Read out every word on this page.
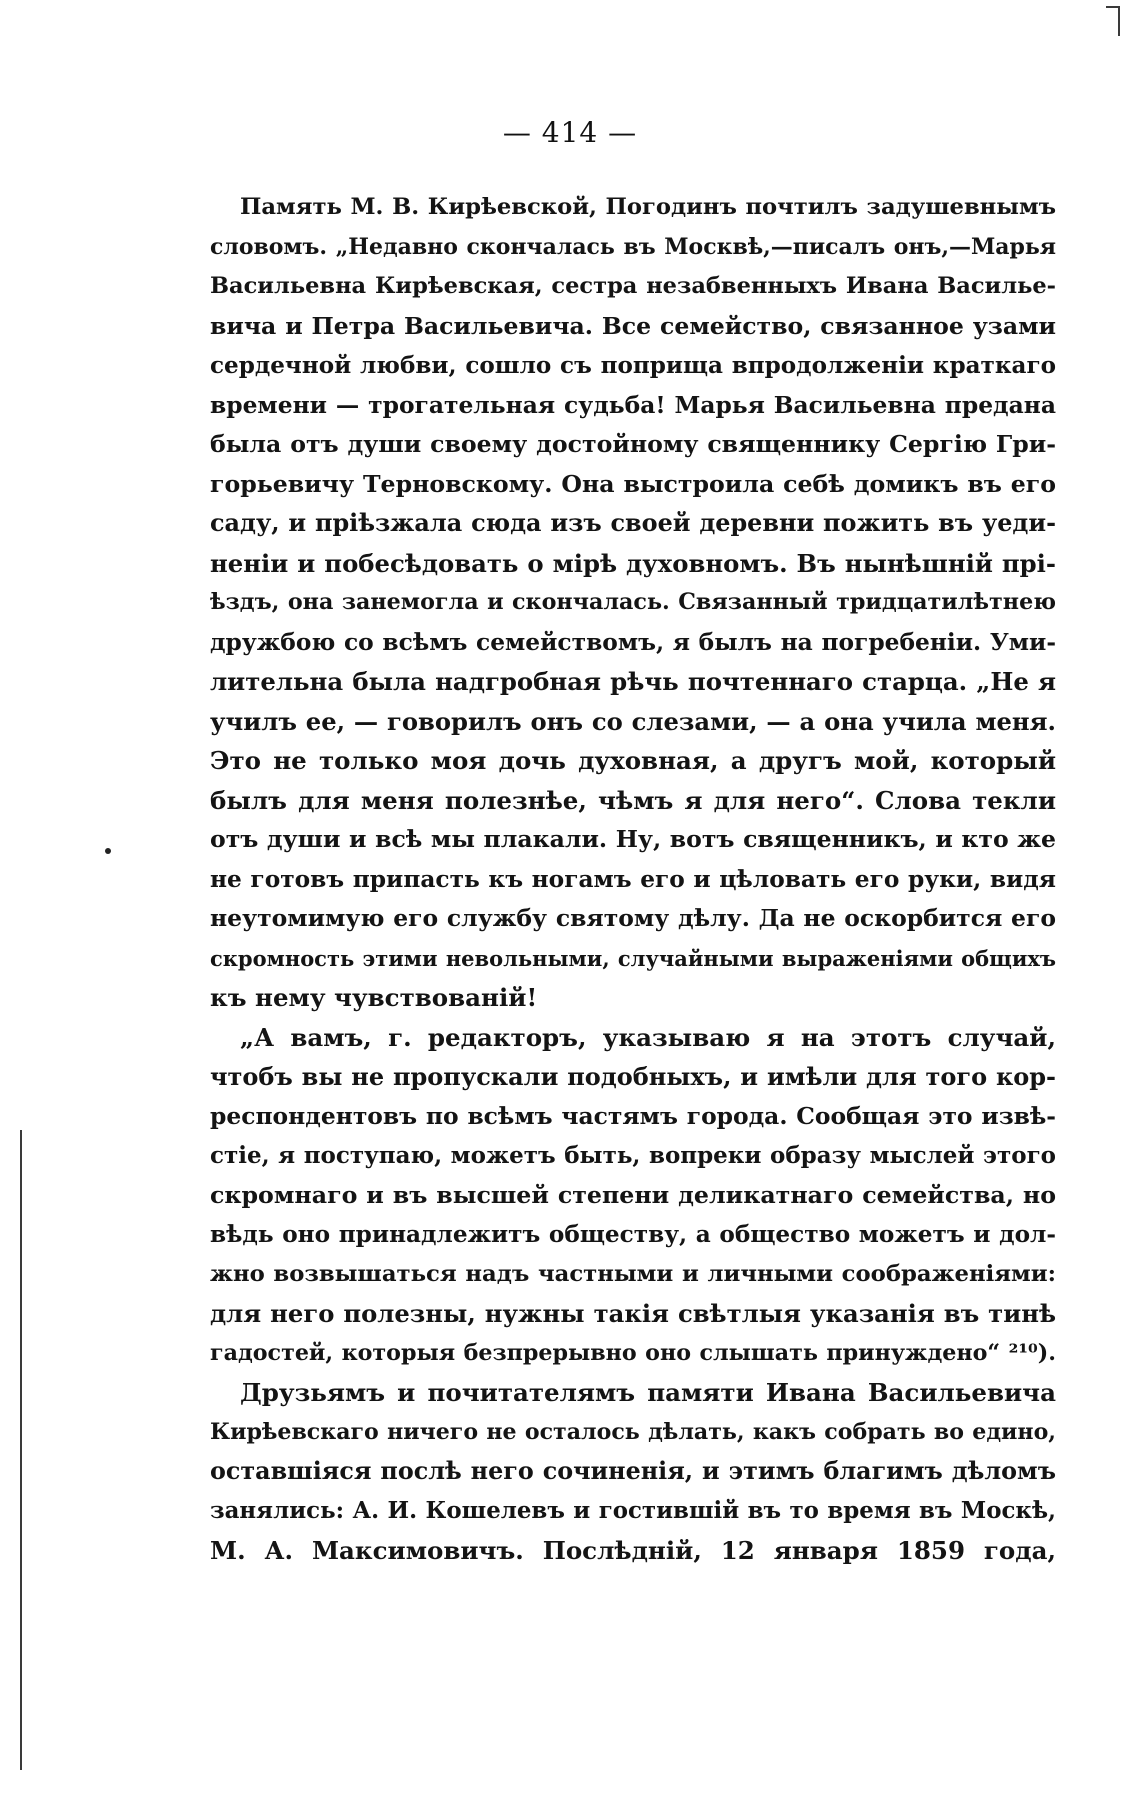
— 414 —
Память М. В. Кирѣевской, Погодинъ почтилъ задушевнымъ
словомъ. „Недавно скончалась въ Москвѣ,—писалъ онъ,—Марья
Васильевна Кирѣевская, сестра незабвенныхъ Ивана Василье-
вича и Петра Васильевича. Все семейство, связанное узами
сердечной любви, сошло съ поприща впродолженіи краткаго
времени — трогательная судьба! Марья Васильевна предана
была отъ души своему достойному священнику Сергію Гри-
горьевичу Терновскому. Она выстроила себѣ домикъ въ его
саду, и пріѣзжала сюда изъ своей деревни пожить въ уеди-
неніи и побесѣдовать о мірѣ духовномъ. Въ нынѣшній прі-
ѣздъ, она занемогла и скончалась. Связанный тридцатилѣтнею
дружбою со всѣмъ семействомъ, я былъ на погребеніи. Уми-
лительна была надгробная рѣчь почтеннаго старца. „Не я
училъ ее, — говорилъ онъ со слезами, — а она учила меня.
Это не только моя дочь духовная, а другъ мой, который
былъ для меня полезнѣе, чѣмъ я для него“. Слова текли
отъ души и всѣ мы плакали. Ну, вотъ священникъ, и кто же
не готовъ припасть къ ногамъ его и цѣловать его руки, видя
неутомимую его службу святому дѣлу. Да не оскорбится его
скромность этими невольными, случайными выраженіями общихъ
къ нему чувствованій!
„А вамъ, г. редакторъ, указываю я на этотъ случай,
чтобъ вы не пропускали подобныхъ, и имѣли для того кор-
респондентовъ по всѣмъ частямъ города. Сообщая это извѣ-
стіе, я поступаю, можетъ быть, вопреки образу мыслей этого
скромнаго и въ высшей степени деликатнаго семейства, но
вѣдь оно принадлежитъ обществу, а общество можетъ и дол-
жно возвышаться надъ частными и личными соображеніями:
для него полезны, нужны такія свѣтлыя указанія въ тинѣ
гадостей, которыя безпрерывно оно слышать принуждено“ ²¹⁰).
Друзьямъ и почитателямъ памяти Ивана Васильевича
Кирѣевскаго ничего не осталось дѣлать, какъ собрать во едино,
оставшіяся послѣ него сочиненія, и этимъ благимъ дѣломъ
занялись: А. И. Кошелевъ и гостившій въ то время въ Москѣ,
М. А. Максимовичъ. Послѣдній, 12 января 1859 года,
